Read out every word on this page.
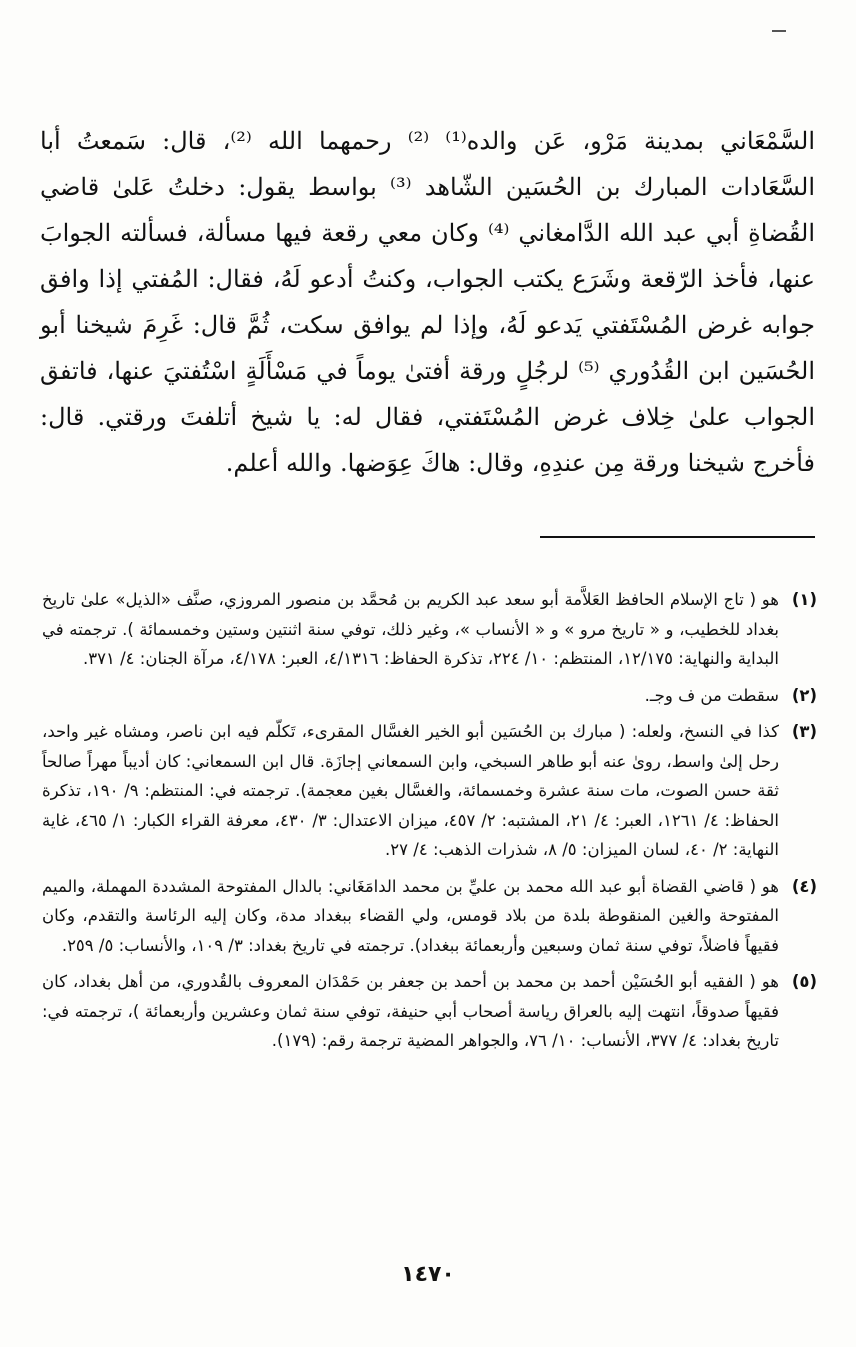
السَّمْعَاني بمدينة مَرْو، عَن والده⁽¹⁾ ⁽²⁾ رحمهما الله ⁽²⁾، قال: سَمعتُ أبا السَّعَادات المبارك بن الحُسَين الشّاهد ⁽³⁾ بواسط يقول: دخلتُ عَلىٰ قاضي القُضاةِ أبي عبد الله الدَّامغاني ⁽⁴⁾ وكان معي رقعة فيها مسألة، فسألته الجوابَ عنها، فأخذ الرّقعة وشَرَع يكتب الجواب، وكنتُ أدعو لَهُ، فقال: المُفتي إذا وافق جوابه غرض المُسْتَفتي يَدعو لَهُ، وإذا لم يوافق سكت، ثُمَّ قال: غَرِمَ شيخنا أبو الحُسَين ابن القُدُوري ⁽⁵⁾ لرجُلٍ ورقة أفتىٰ يوماً في مَسْأَلَةٍ اسْتُفتيَ عنها، فاتفق الجواب علىٰ خِلاف غرض المُسْتَفتي، فقال له: يا شيخ أتلفتَ ورقتي. قال: فأخرج شيخنا ورقة مِن عندِهِ، وقال: هاكَ عِوَضها. والله أعلم.

(١)
هو ( تاج الإسلام الحافظ العَلاَّمة أبو سعد عبد الكريم بن مُحمَّد بن منصور المروزي، صنَّف «الذيل» علىٰ تاريخ بغداد للخطيب، و « تاريخ مرو » و « الأنساب »، وغير ذلك، توفي سنة اثنتين وستين وخمسمائة ). ترجمته في البداية والنهاية: ١٢/١٧٥، المنتظم: ١٠/ ٢٢٤، تذكرة الحفاظ: ٤/١٣١٦، العبر: ٤/١٧٨، مرآة الجنان: ٤/ ٣٧١.

(٢)
سقطت من ف وجـ.

(٣)
كذا في النسخ، ولعله: ( مبارك بن الحُسَين أبو الخير الغسَّال المقرىء، تَكلّم فيه ابن ناصر، ومشاه غير واحد، رحل إلىٰ واسط، روىٰ عنه أبو طاهر السبخي، وابن السمعاني إجازَة. قال ابن السمعاني: كان أديباً مهراً صالحاً ثقة حسن الصوت، مات سنة عشرة وخمسمائة، والغسَّال بغين معجمة). ترجمته في: المنتظم: ٩/ ١٩٠، تذكرة الحفاظ: ٤/ ١٢٦١، العبر: ٤/ ٢١، المشتبه: ٢/ ٤٥٧، ميزان الاعتدال: ٣/ ٤٣٠، معرفة القراء الكبار: ١/ ٤٦٥، غاية النهاية: ٢/ ٤٠، لسان الميزان: ٥/ ٨، شذرات الذهب: ٤/ ٢٧.

(٤)
هو ( قاضي القضاة أبو عبد الله محمد بن عليِّ بن محمد الدامَغَاني: بالدال المفتوحة المشددة المهملة، والميم المفتوحة والغين المنقوطة بلدة من بلاد قومس، ولي القضاء ببغداد مدة، وكان إليه الرئاسة والتقدم، وكان فقيهاً فاضلاً، توفي سنة ثمان وسبعين وأربعمائة ببغداد). ترجمته في تاريخ بغداد: ٣/ ١٠٩، والأنساب: ٥/ ٢٥٩.

(٥)
هو ( الفقيه أبو الحُسَيْن أحمد بن محمد بن أحمد بن جعفر بن حَمْدَان المعروف بالقُدوري، من أهل بغداد، كان فقيهاً صدوقاً، انتهت إليه بالعراق رياسة أصحاب أبي حنيفة، توفي سنة ثمان وعشرين وأربعمائة )، ترجمته في: تاريخ بغداد: ٤/ ٣٧٧، الأنساب: ١٠/ ٧٦، والجواهر المضية ترجمة رقم: (١٧٩).

١٤٧٠
